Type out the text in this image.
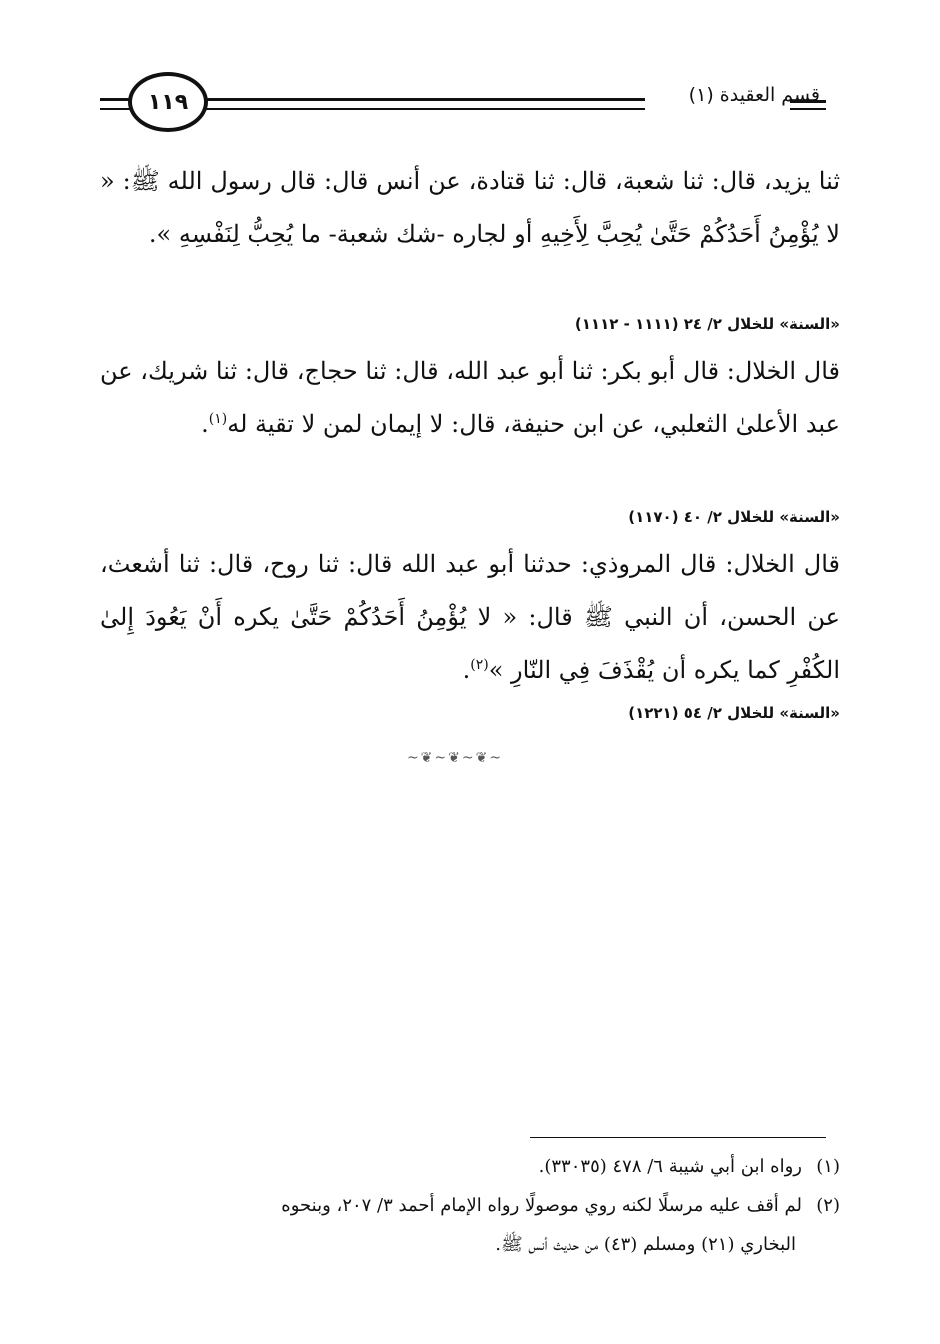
قسم العقيدة (١)
١١٩

ثنا يزيد، قال: ثنا شعبة، قال: ثنا قتادة، عن أنس قال: قال رسول الله ﷺ: « لا يُؤْمِنُ أَحَدُكُمْ حَتَّىٰ يُحِبَّ لِأَخِيهِ أو لجاره -شك شعبة- ما يُحِبُّ لِنَفْسِهِ ».

«السنة» للخلال ٢/ ٢٤ (١١١١ - ١١١٢)

قال الخلال: قال أبو بكر: ثنا أبو عبد الله، قال: ثنا حجاج، قال: ثنا شريك، عن عبد الأعلىٰ الثعلبي، عن ابن حنيفة، قال: لا إيمان لمن لا تقية له$^{(١)}$.

«السنة» للخلال ٢/ ٤٠ (١١٧٠)

قال الخلال: قال المروذي: حدثنا أبو عبد الله قال: ثنا روح، قال: ثنا أشعث، عن الحسن، أن النبي ﷺ قال: « لا يُؤْمِنُ أَحَدُكُمْ حَتَّىٰ يكره أَنْ يَعُودَ إِلىٰ الكُفْرِ كما يكره أن يُقْذَفَ فِي النّارِ »$^{(٢)}$.

«السنة» للخلال ٢/ ٥٤ (١٢٢١)

~❦~❦~❦~

(١)رواه ابن أبي شيبة ٦/ ٤٧٨ (٣٣٠٣٥).

(٢)لم أقف عليه مرسلًا لكنه روي موصولًا رواه الإمام أحمد ٣/ ٢٠٧، وبنحوه

البخاري (٢١) ومسلم (٤٣) من حديث أنس ﷺ.
